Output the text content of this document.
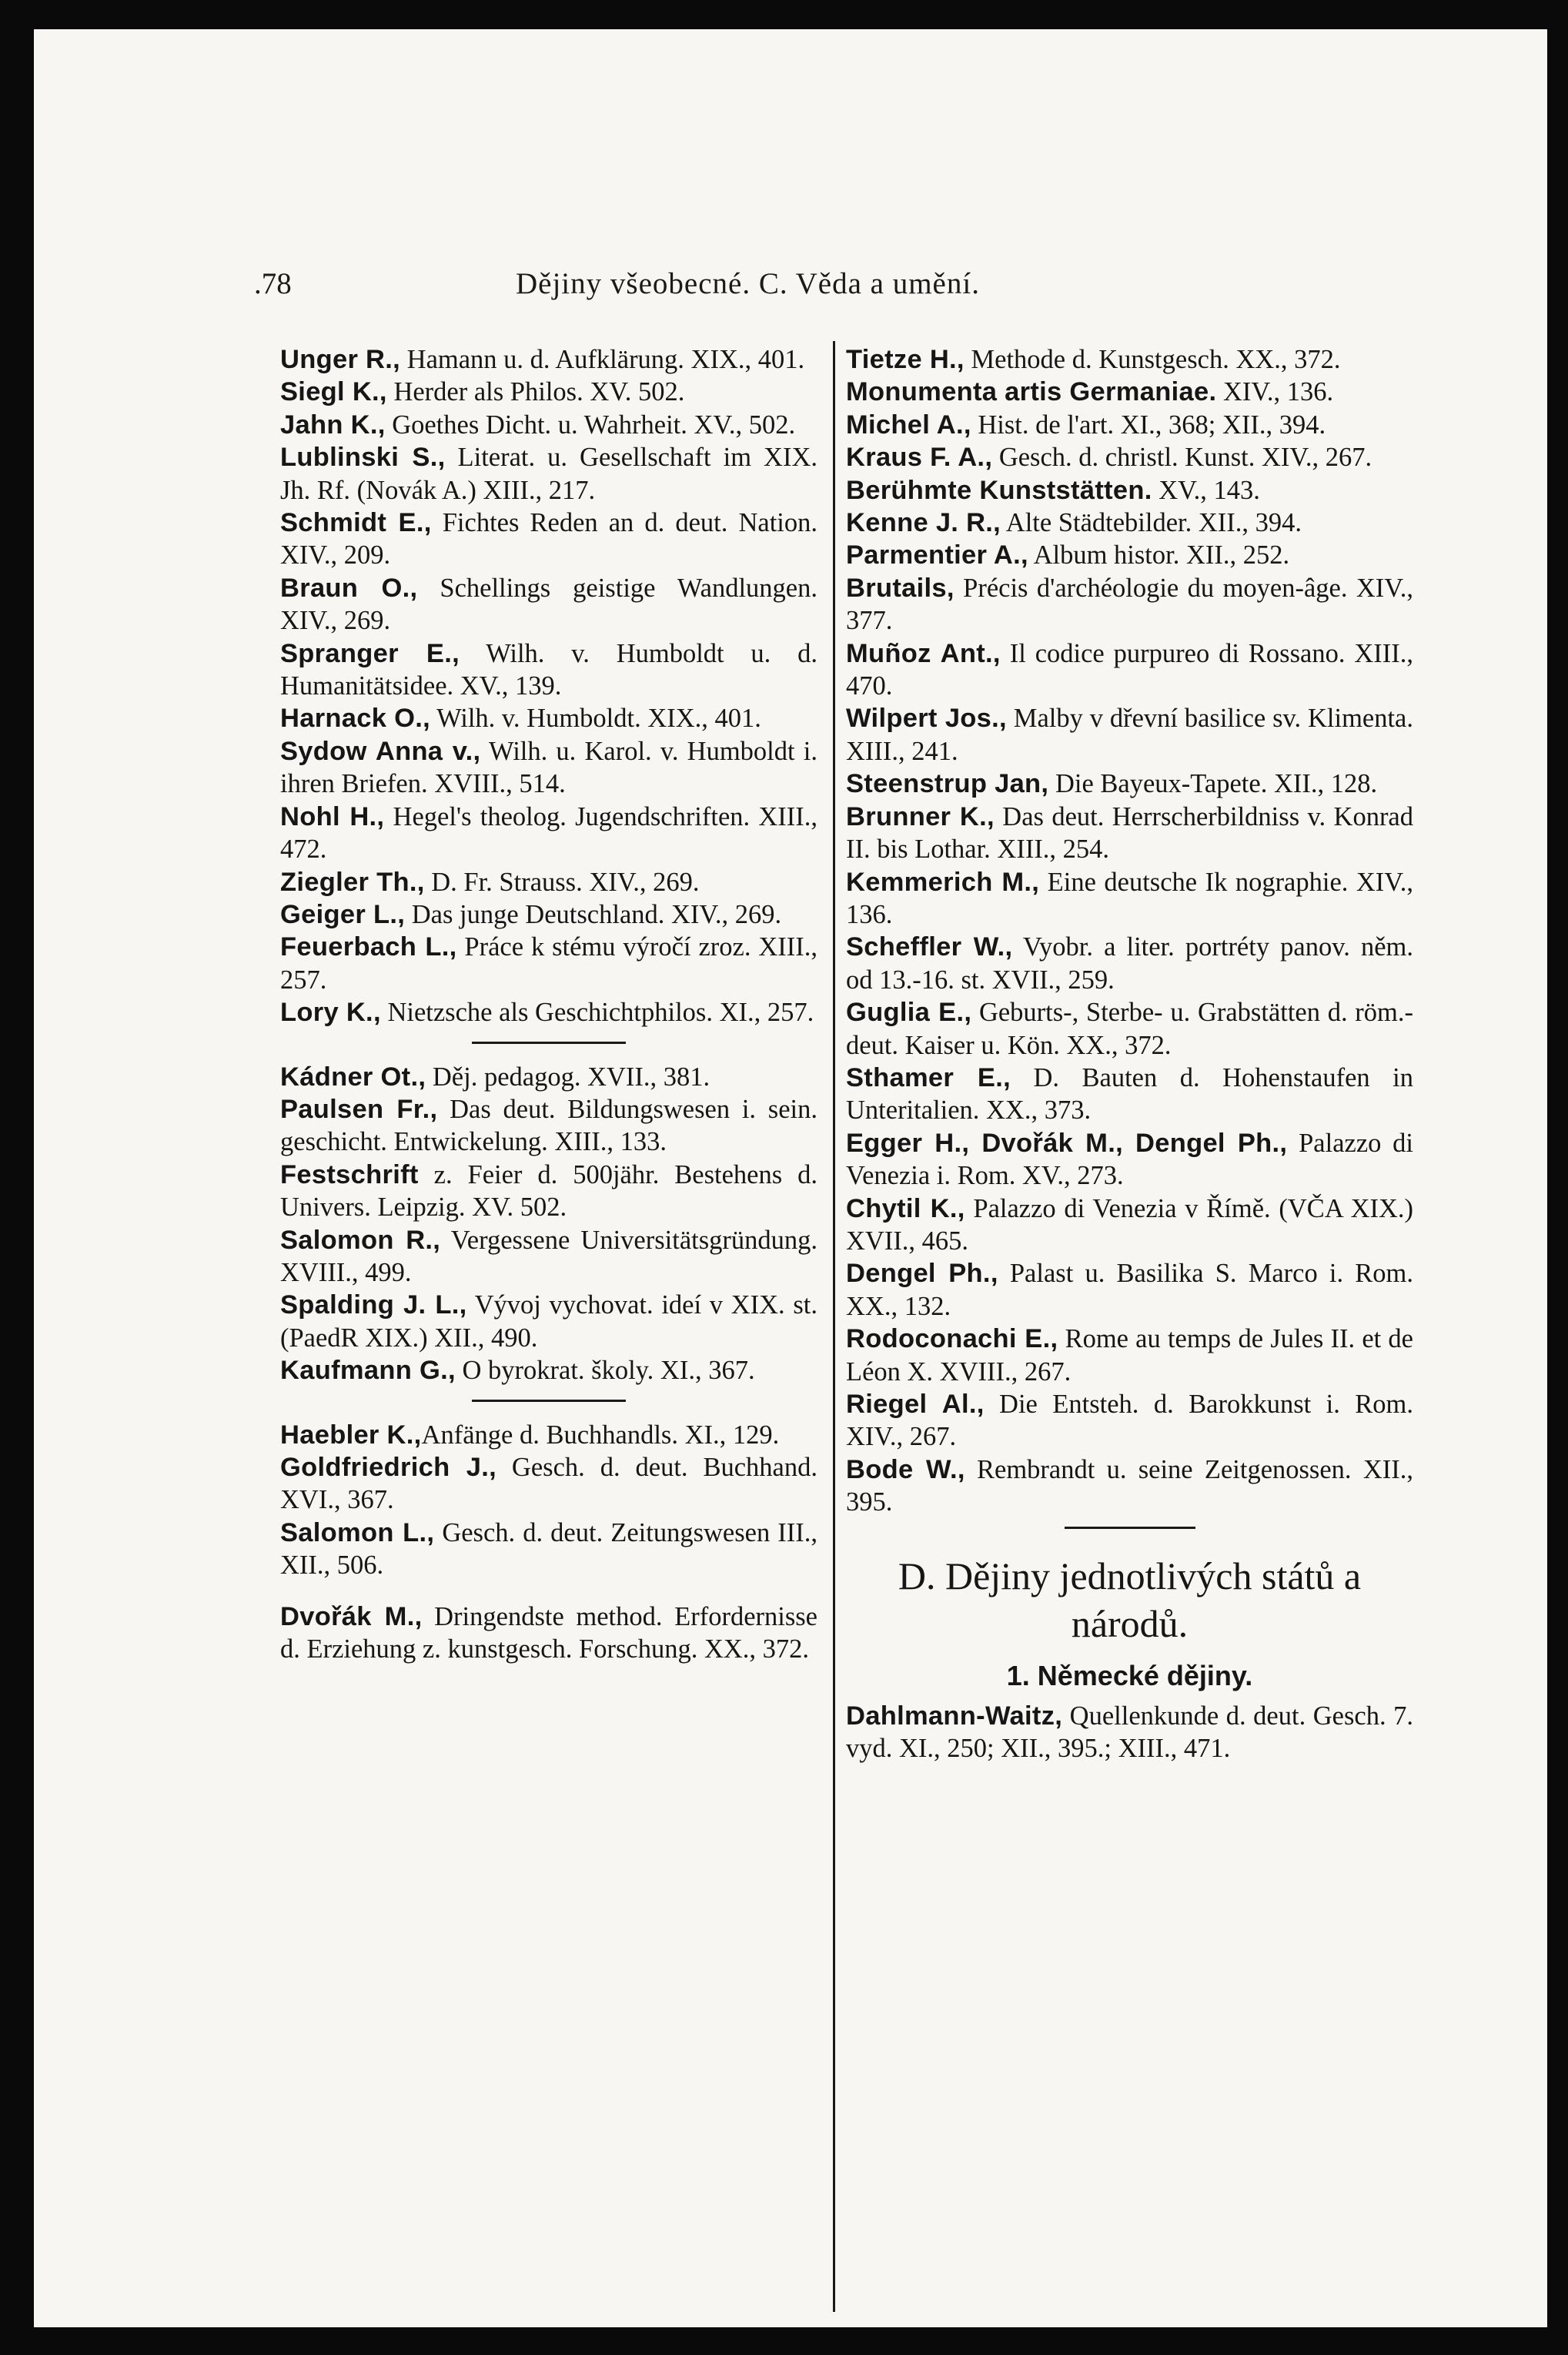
.78	Dějiny všeobecné. C. Věda a umění.
Unger R., Hamann u. d. Aufklärung. XIX., 401.
Siegl K., Herder als Philos. XV. 502.
Jahn K., Goethes Dicht. u. Wahrheit. XV., 502.
Lublinski S., Literat. u. Gesellschaft im XIX. Jh. Rf. (Novák A.) XIII., 217.
Schmidt E., Fichtes Reden an d. deut. Nation. XIV., 209.
Braun O., Schellings geistige Wandlungen. XIV., 269.
Spranger E., Wilh. v. Humboldt u. d. Humanitätsidee. XV., 139.
Harnack O., Wilh. v. Humboldt. XIX., 401.
Sydow Anna v., Wilh. u. Karol. v. Humboldt i. ihren Briefen. XVIII., 514.
Nohl H., Hegel's theolog. Jugendschriften. XIII., 472.
Ziegler Th., D. Fr. Strauss. XIV., 269.
Geiger L., Das junge Deutschland. XIV., 269.
Feuerbach L., Práce k stému výročí zroz. XIII., 257.
Lory K., Nietzsche als Geschichtphilos. XI., 257.
Kádner Ot., Děj. pedagog. XVII., 381.
Paulsen Fr., Das deut. Bildungswesen i. sein. geschicht. Entwickelung. XIII., 133.
Festschrift z. Feier d. 500jähr. Bestehens d. Univers. Leipzig. XV. 502.
Salomon R., Vergessene Universitätsgründung. XVIII., 499.
Spalding J. L., Vývoj vychovat. ideí v XIX. st. (PaedR XIX.) XII., 490.
Kaufmann G., O byrokrat. školy. XI., 367.
Haebler K.,Anfänge d. Buchhandls. XI., 129.
Goldfriedrich J., Gesch. d. deut. Buchhand. XVI., 367.
Salomon L., Gesch. d. deut. Zeitungswesen III., XII., 506.
Dvořák M., Dringendste method. Erfordernisse d. Erziehung z. kunstgesch. Forschung. XX., 372.
Tietze H., Methode d. Kunstgesch. XX., 372.
Monumenta artis Germaniae. XIV., 136.
Michel A., Hist. de l'art. XI., 368; XII., 394.
Kraus F. A., Gesch. d. christl. Kunst. XIV., 267.
Berühmte Kunststätten. XV., 143.
Kenne J. R., Alte Städtebilder. XII., 394.
Parmentier A., Album histor. XII., 252.
Brutails, Précis d'archéologie du moyen-âge. XIV., 377.
Muñoz Ant., Il codice purpureo di Rossano. XIII., 470.
Wilpert Jos., Malby v dřevní basilice sv. Klimenta. XIII., 241.
Steenstrup Jan, Die Bayeux-Tapete. XII., 128.
Brunner K., Das deut. Herrscherbildniss v. Konrad II. bis Lothar. XIII., 254.
Kemmerich M., Eine deutsche Ik nographie. XIV., 136.
Scheffler W., Vyobr. a liter. portréty panov. něm. od 13.-16. st. XVII., 259.
Guglia E., Geburts-, Sterbe- u. Grabstätten d. röm.-deut. Kaiser u. Kön. XX., 372.
Sthamer E., D. Bauten d. Hohenstaufen in Unteritalien. XX., 373.
Egger H., Dvořák M., Dengel Ph., Palazzo di Venezia i. Rom. XV., 273.
Chytil K., Palazzo di Venezia v Římě. (VČA XIX.) XVII., 465.
Dengel Ph., Palast u. Basilika S. Marco i. Rom. XX., 132.
Rodoconachi E., Rome au temps de Jules II. et de Léon X. XVIII., 267.
Riegel Al., Die Entsteh. d. Barokkunst i. Rom. XIV., 267.
Bode W., Rembrandt u. seine Zeitgenossen. XII., 395.
D. Dějiny jednotlivých států a národů.
1. Německé dějiny.
Dahlmann-Waitz, Quellenkunde d. deut. Gesch. 7. vyd. XI., 250; XII., 395.; XIII., 471.
